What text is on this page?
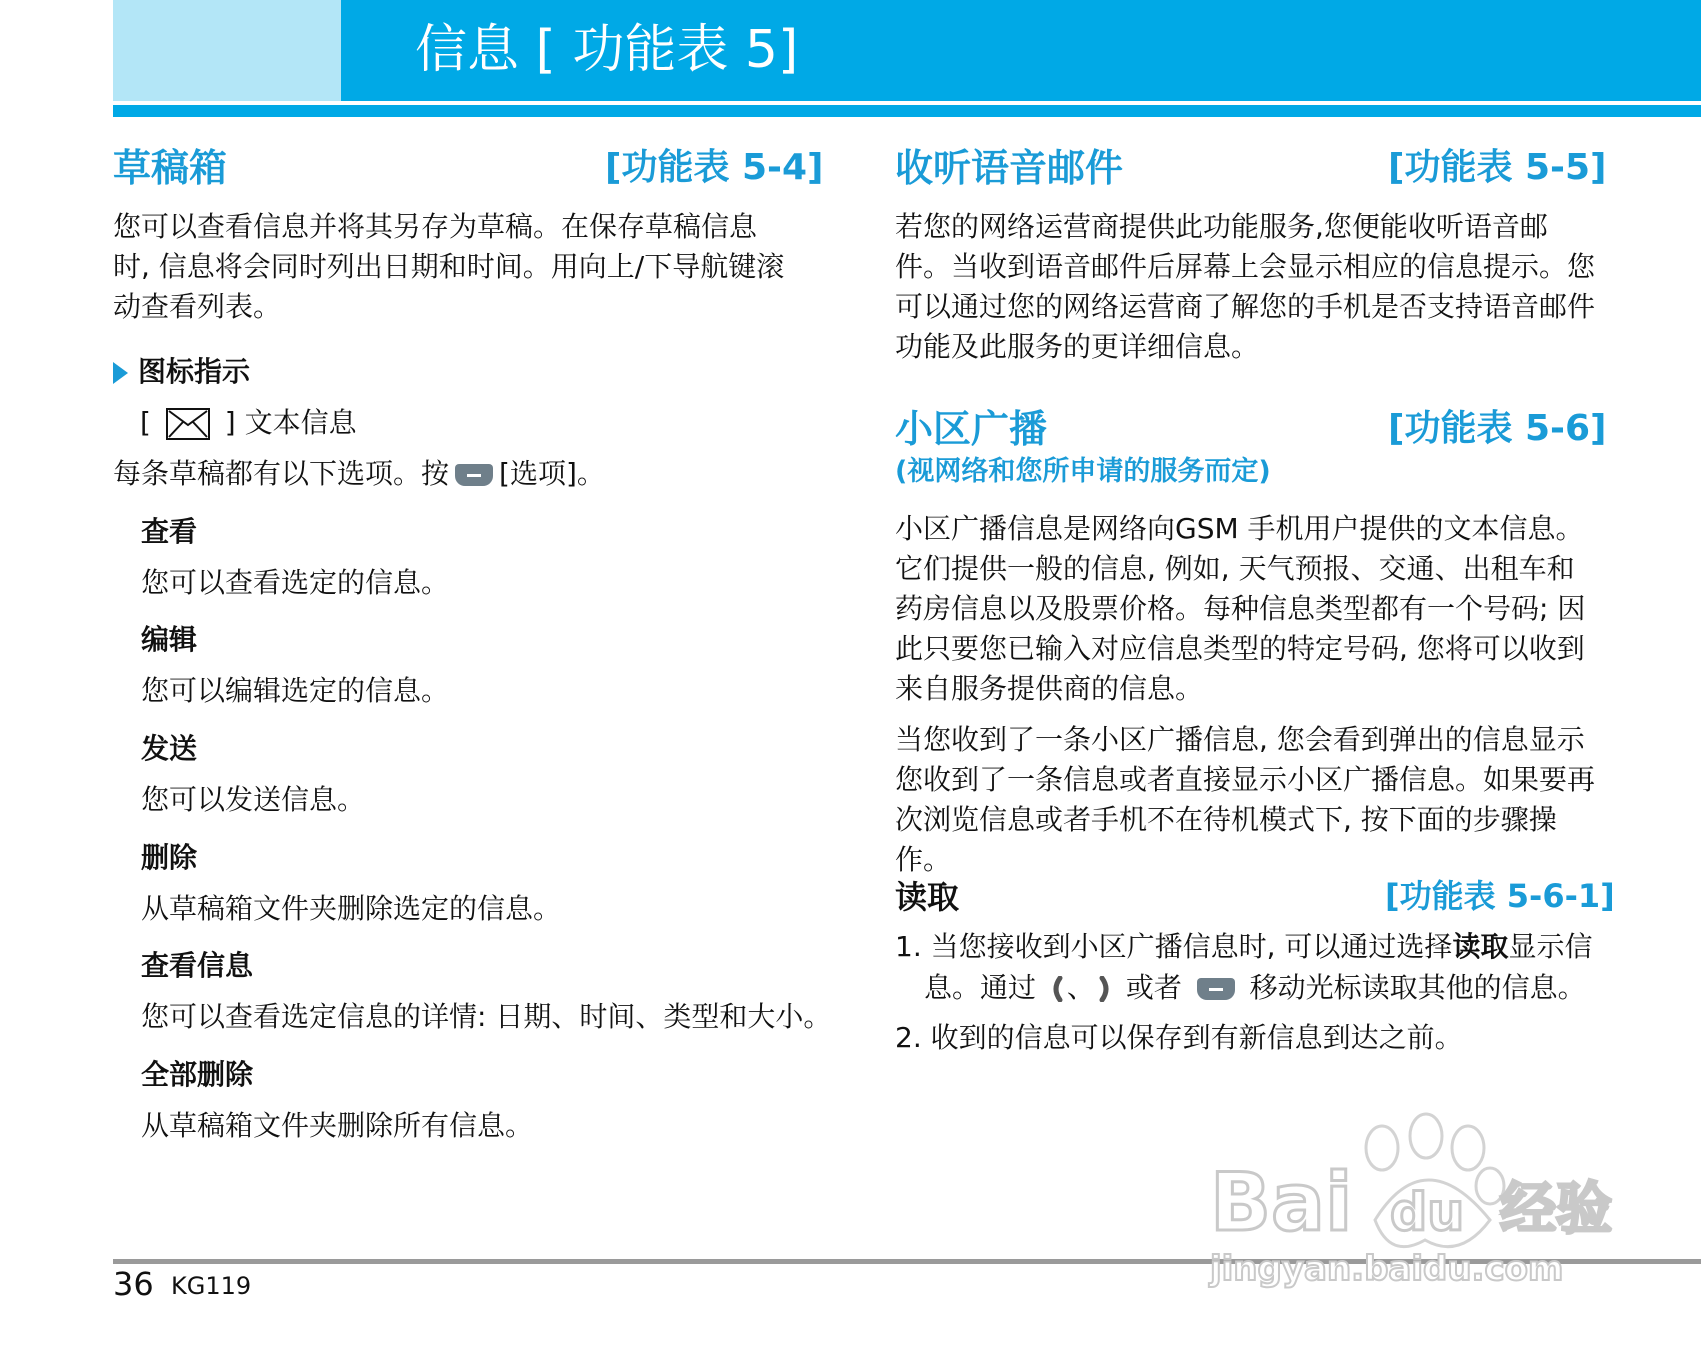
信息 [ 功能表 5]
草稿箱	[功能表 5-4]
您可以查看信息并将其另存为草稿。在保存草稿信息时, 信息将会同时列出日期和时间。用向上/下导航键滚动查看列表。
图标指示
[	] 文本信息
每条草稿都有以下选项。按 [选项]。
查看
您可以查看选定的信息。
编辑
您可以编辑选定的信息。
发送
您可以发送信息。
删除
从草稿箱文件夹删除选定的信息。
查看信息
您可以查看选定信息的详情: 日期、时间、类型和大小。
全部删除
从草稿箱文件夹删除所有信息。
收听语音邮件	[功能表 5-5]
若您的网络运营商提供此功能服务,您便能收听语音邮件。当收到语音邮件后屏幕上会显示相应的信息提示。您可以通过您的网络运营商了解您的手机是否支持语音邮件功能及此服务的更详细信息。
小区广播	[功能表 5-6]
(视网络和您所申请的服务而定)
小区广播信息是网络向GSM 手机用户提供的文本信息。它们提供一般的信息, 例如, 天气预报、交通、出租车和药房信息以及股票价格。每种信息类型都有一个号码; 因此只要您已输入对应信息类型的特定号码, 您将可以收到来自服务提供商的信息。
当您收到了一条小区广播信息, 您会看到弹出的信息显示您收到了一条信息或者直接显示小区广播信息。如果要再次浏览信息或者手机不在待机模式下, 按下面的步骤操作。
读取	[功能表 5-6-1]
1. 当您接收到小区广播信息时, 可以通过选择读取显示信
息。通过 、 或者 移动光标读取其他的信息。
2. 收到的信息可以保存到有新信息到达之前。
36 KG119
Bai du 经验
jingyan.baidu.com
